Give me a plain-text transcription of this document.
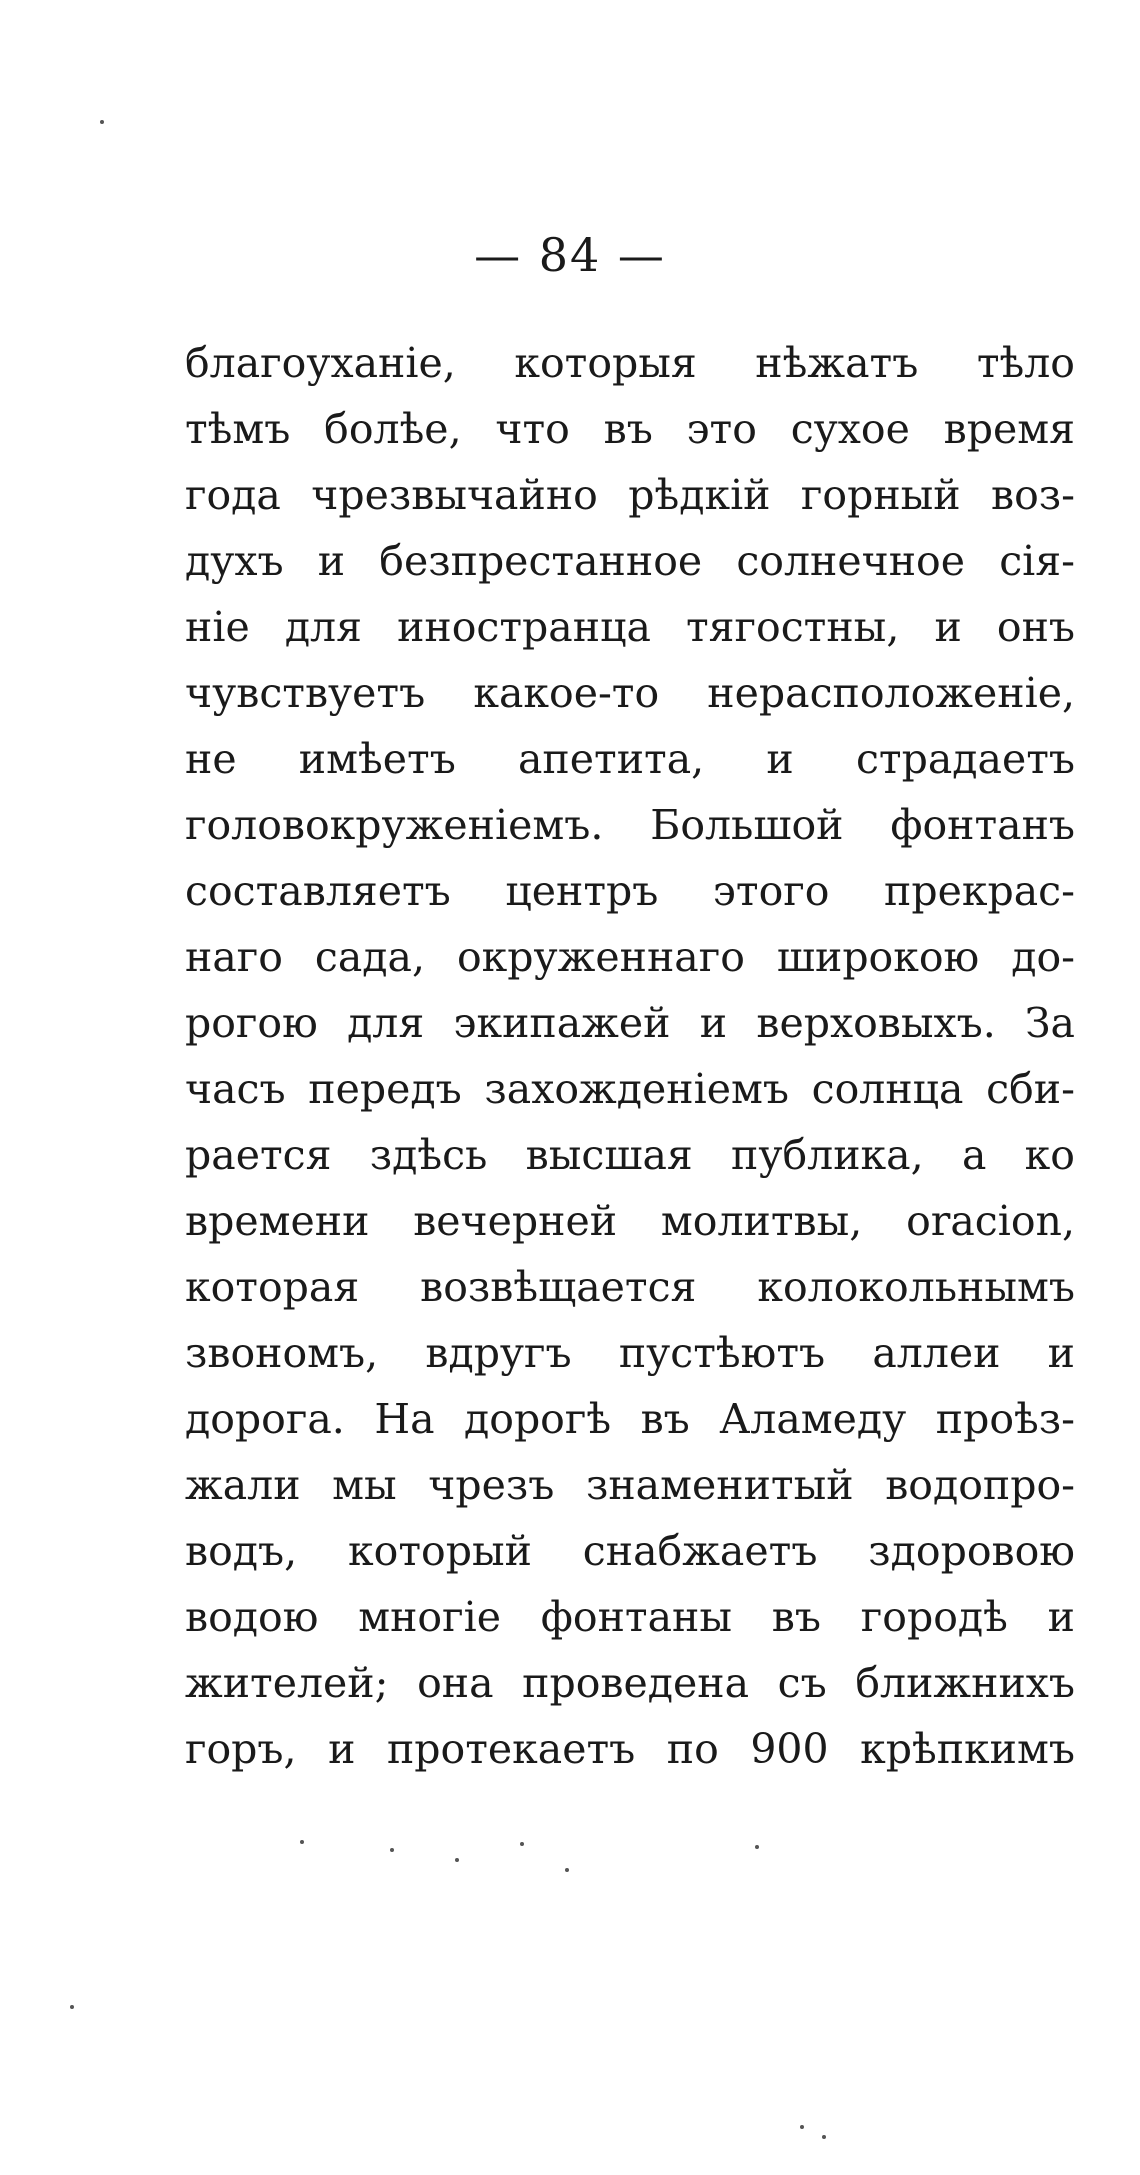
— 84 —
благоуханіе, которыя нѣжатъ тѣло
тѣмъ болѣе, что въ это сухое время
года чрезвычайно рѣдкій горный воз-
духъ и безпрестанное солнечное сія-
ніе для иностранца тягостны, и онъ
чувствуетъ какое-то нерасположеніе,
не имѣетъ апетита, и страдаетъ
головокруженіемъ. Большой фонтанъ
составляетъ центръ этого прекрас-
наго сада, окруженнаго широкою до-
рогою для экипажей и верховыхъ. За
часъ передъ захожденіемъ солнца сби-
рается здѣсь высшая публика, а ко
времени вечерней молитвы, oracion,
которая возвѣщается колокольнымъ
звономъ, вдругъ пустѣютъ аллеи и
дорога. На дорогѣ въ Аламеду проѣз-
жали мы чрезъ знаменитый водопро-
водъ, который снабжаетъ здоровою
водою многіе фонтаны въ городѣ и
жителей; она проведена съ ближнихъ
горъ, и протекаетъ по 900 крѣпкимъ
